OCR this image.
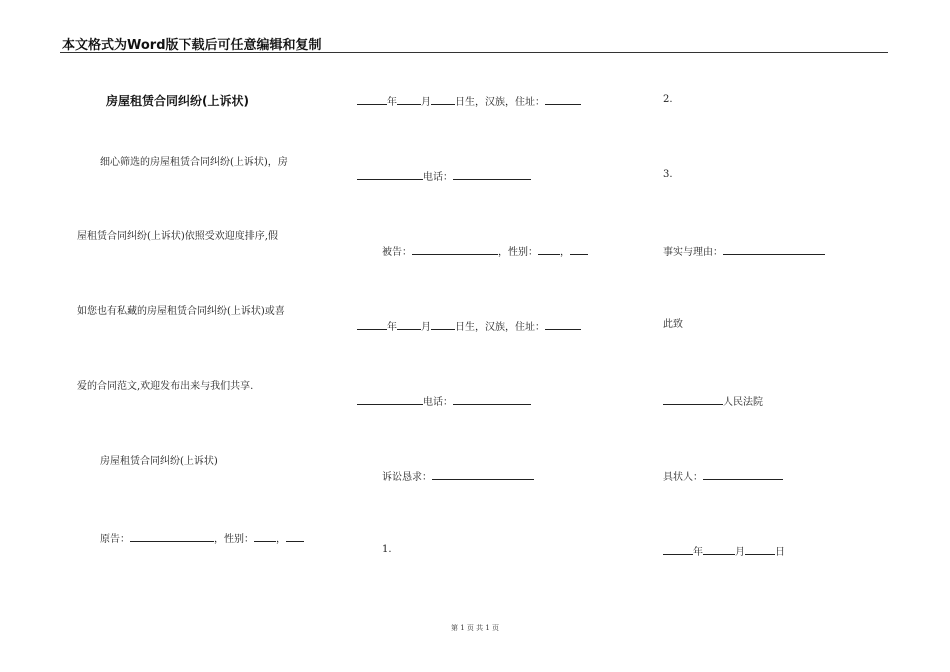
本文格式为Word版下载后可任意编辑和复制
房屋租赁合同纠纷(上诉状)
细心筛选的房屋租赁合同纠纷(上诉状)，房
屋租赁合同纠纷(上诉状)依照受欢迎度排序,假
如您也有私藏的房屋租赁合同纠纷(上诉状)或喜
爱的合同范文,欢迎发布出来与我们共享.
房屋租赁合同纠纷(上诉状)
原告：	，性别： ，
年 月 日生，汉族，住址：
电话：
被告：	，性别： ，
年 月 日生，汉族，住址：
电话：
诉讼恳求：
1.
2.
3.
事实与理由：
此致
人民法院
具状人：
年	月	日
第 1 页 共 1 页
